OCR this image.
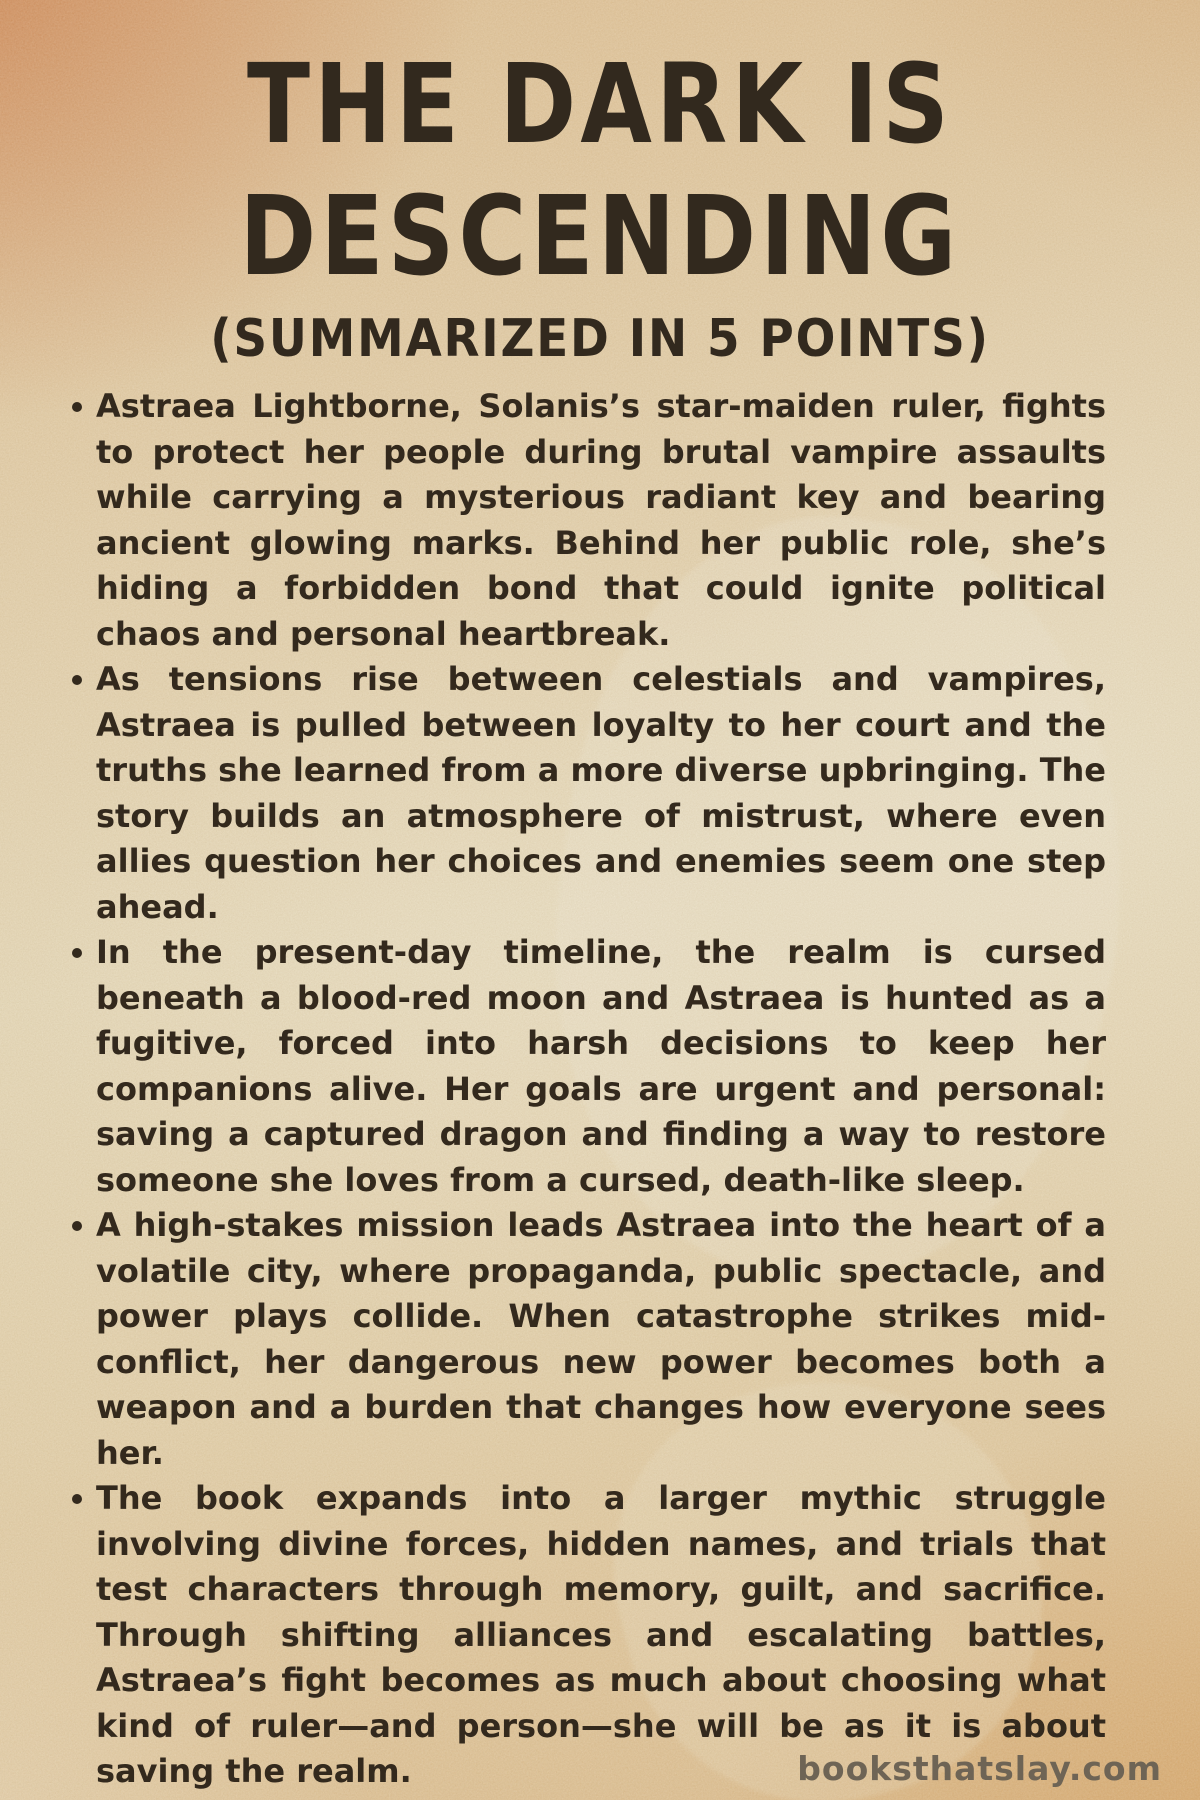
THE DARK IS
DESCENDING
(SUMMARIZED IN 5 POINTS)
Astraea Lightborne, Solanis’s star-maiden ruler, fights to protect her people during brutal vampire assaults while carrying a mysterious radiant key and bearing ancient glowing marks. Behind her public role, she’s hiding a forbidden bond that could ignite political chaos and personal heartbreak.
As tensions rise between celestials and vampires, Astraea is pulled between loyalty to her court and the truths she learned from a more diverse upbringing. The story builds an atmosphere of mistrust, where even allies question her choices and enemies seem one step ahead.
In the present-day timeline, the realm is cursed beneath a blood-red moon and Astraea is hunted as a fugitive, forced into harsh decisions to keep her companions alive. Her goals are urgent and personal: saving a captured dragon and finding a way to restore someone she loves from a cursed, death-like sleep.
A high-stakes mission leads Astraea into the heart of a volatile city, where propaganda, public spectacle, and power plays collide. When catastrophe strikes mid-conflict, her dangerous new power becomes both a weapon and a burden that changes how everyone sees her.
The book expands into a larger mythic struggle involving divine forces, hidden names, and trials that test characters through memory, guilt, and sacrifice. Through shifting alliances and escalating battles, Astraea’s fight becomes as much about choosing what kind of ruler—and person—she will be as it is about saving the realm.	booksthatslay.com
